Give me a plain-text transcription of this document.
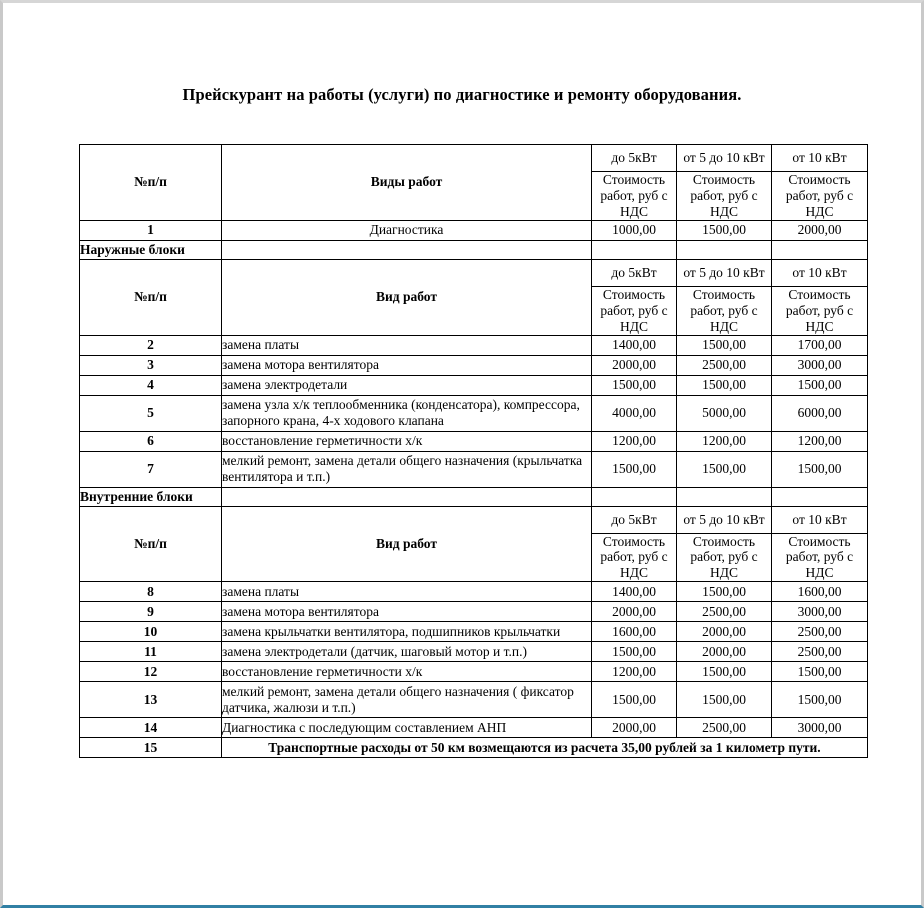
Прейскурант на работы (услуги) по диагностике и ремонту оборудования.
№п/п	Виды работ	до 5кВт	от 5 до 10 кВт	от 10 кВт
		Стоимость работ, руб с НДС	Стоимость работ, руб с НДС	Стоимость работ, руб с НДС
1	Диагностика	1000,00	1500,00	2000,00
Наружные блоки				
№п/п	Вид работ	до 5кВт	от 5 до 10 кВт	от 10 кВт
		Стоимость работ, руб с НДС	Стоимость работ, руб с НДС	Стоимость работ, руб с НДС
2	замена платы	1400,00	1500,00	1700,00
3	замена мотора вентилятора	2000,00	2500,00	3000,00
4	замена электродетали	1500,00	1500,00	1500,00
5	замена узла х/к теплообменника (конденсатора), компрессора, запорного крана, 4-х ходового клапана	4000,00	5000,00	6000,00
6	восстановление герметичности х/к	1200,00	1200,00	1200,00
7	мелкий ремонт, замена детали общего назначения (крыльчатка вентилятора и т.п.)	1500,00	1500,00	1500,00
Внутренние блоки				
№п/п	Вид работ	до 5кВт	от 5 до 10 кВт	от 10 кВт
		Стоимость работ, руб с НДС	Стоимость работ, руб с НДС	Стоимость работ, руб с НДС
8	замена платы	1400,00	1500,00	1600,00
9	замена мотора вентилятора	2000,00	2500,00	3000,00
10	замена крыльчатки вентилятора, подшипников крыльчатки	1600,00	2000,00	2500,00
11	замена электродетали (датчик, шаговый мотор и т.п.)	1500,00	2000,00	2500,00
12	восстановление герметичности х/к	1200,00	1500,00	1500,00
13	мелкий ремонт, замена детали общего назначения ( фиксатор датчика, жалюзи и т.п.)	1500,00	1500,00	1500,00
14	Диагностика с последующим составлением АНП	2000,00	2500,00	3000,00
15	Транспортные расходы от 50 км возмещаются из расчета 35,00 рублей за 1 километр пути.			
